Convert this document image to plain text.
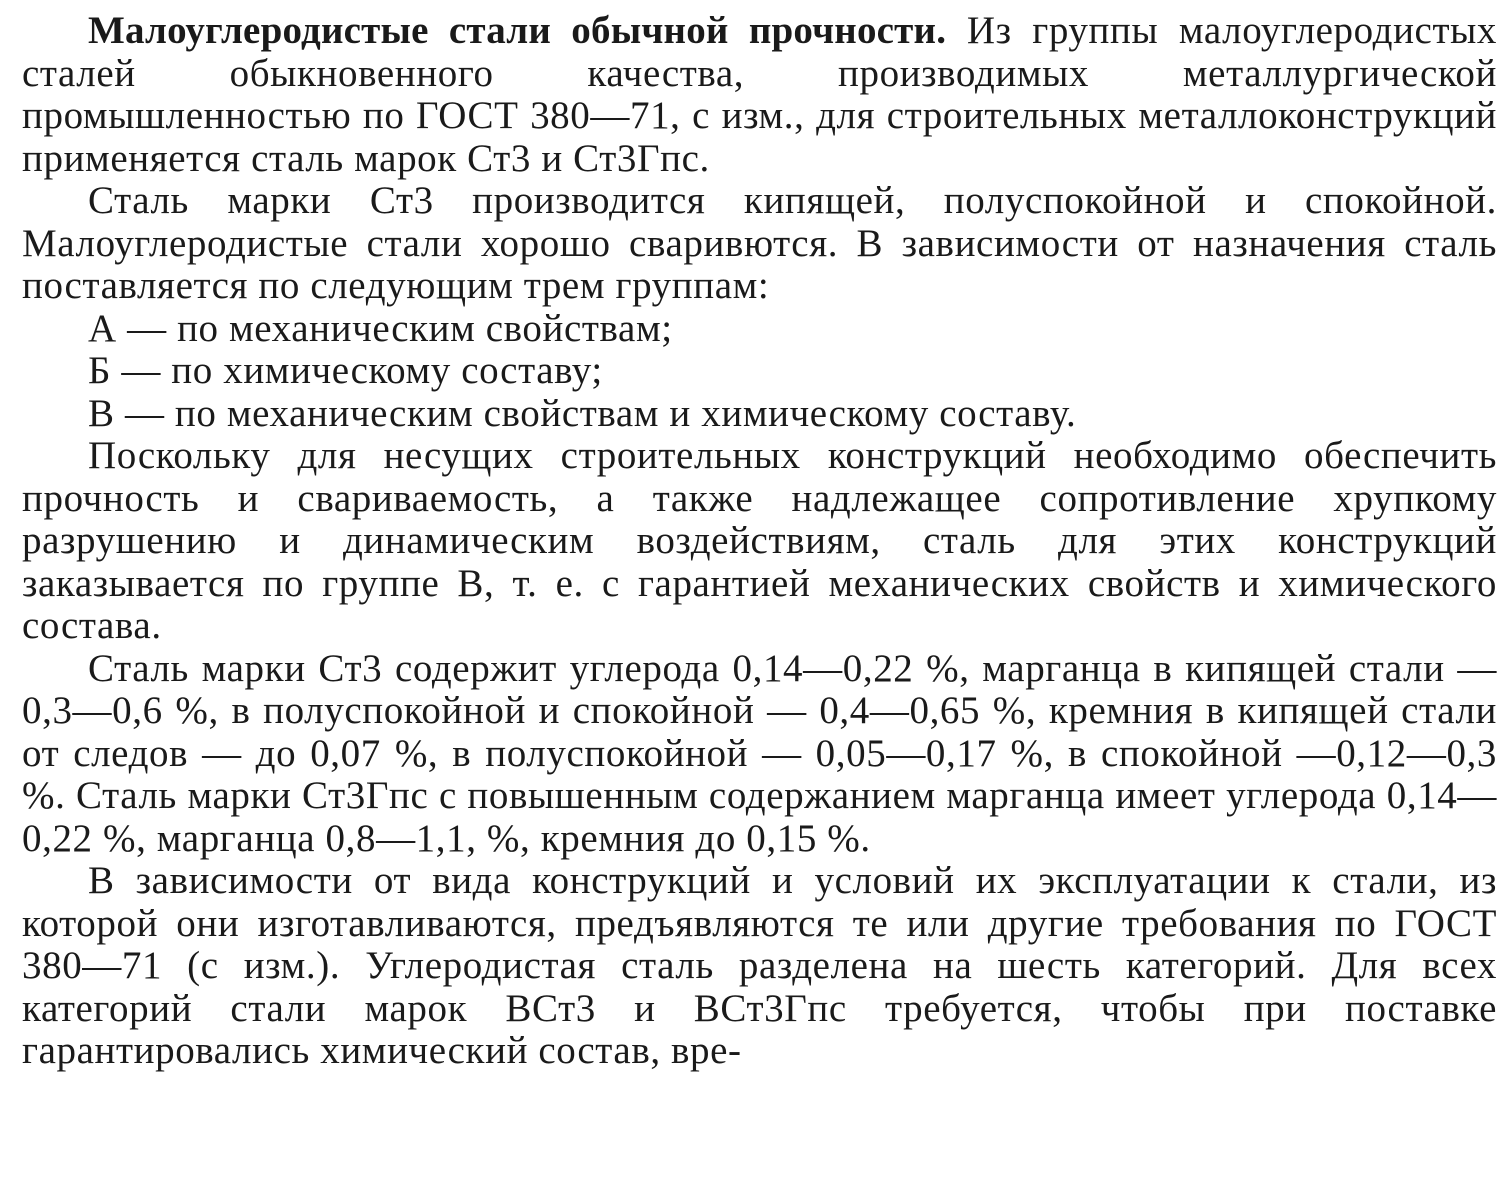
Малоуглеродистые стали обычной прочности. Из группы малоуглеродистых сталей обыкновенного качества, производимых металлургической промышленностью по ГОСТ 380—71, с изм., для строительных металлоконструкций применяется сталь марок Ст3 и Ст3Гпс.

Сталь марки Ст3 производится кипящей, полуспокойной и спокойной. Малоуглеродистые стали хорошо сваривются. В зависимости от назначения сталь поставляется по следующим трем группам:

А — по механическим свойствам;

Б — по химическому составу;

В — по механическим свойствам и химическому составу.

Поскольку для несущих строительных конструкций необходимо обеспечить прочность и свариваемость, а также надлежащее сопротивление хрупкому разрушению и динамическим воздействиям, сталь для этих конструкций заказывается по группе В, т. е. с гарантией механических свойств и химического состава.

Сталь марки Ст3 содержит углерода 0,14—0,22 %, марганца в кипящей стали — 0,3—0,6 %, в полуспокойной и спокойной — 0,4—0,65 %, кремния в кипящей стали от следов — до 0,07 %, в полуспокойной — 0,05—0,17 %, в спокойной —0,12—0,3 %. Сталь марки Ст3Гпс с повышенным содержанием марганца имеет углерода 0,14—0,22 %, марганца 0,8—1,1, %, кремния до 0,15 %.

В зависимости от вида конструкций и условий их эксплуатации к стали, из которой они изготавливаются, предъявляются те или другие требования по ГОСТ 380—71 (с изм.). Углеродистая сталь разделена на шесть категорий. Для всех категорий стали марок ВСт3 и ВСт3Гпс требуется, чтобы при поставке гарантировались химический состав, вре-
